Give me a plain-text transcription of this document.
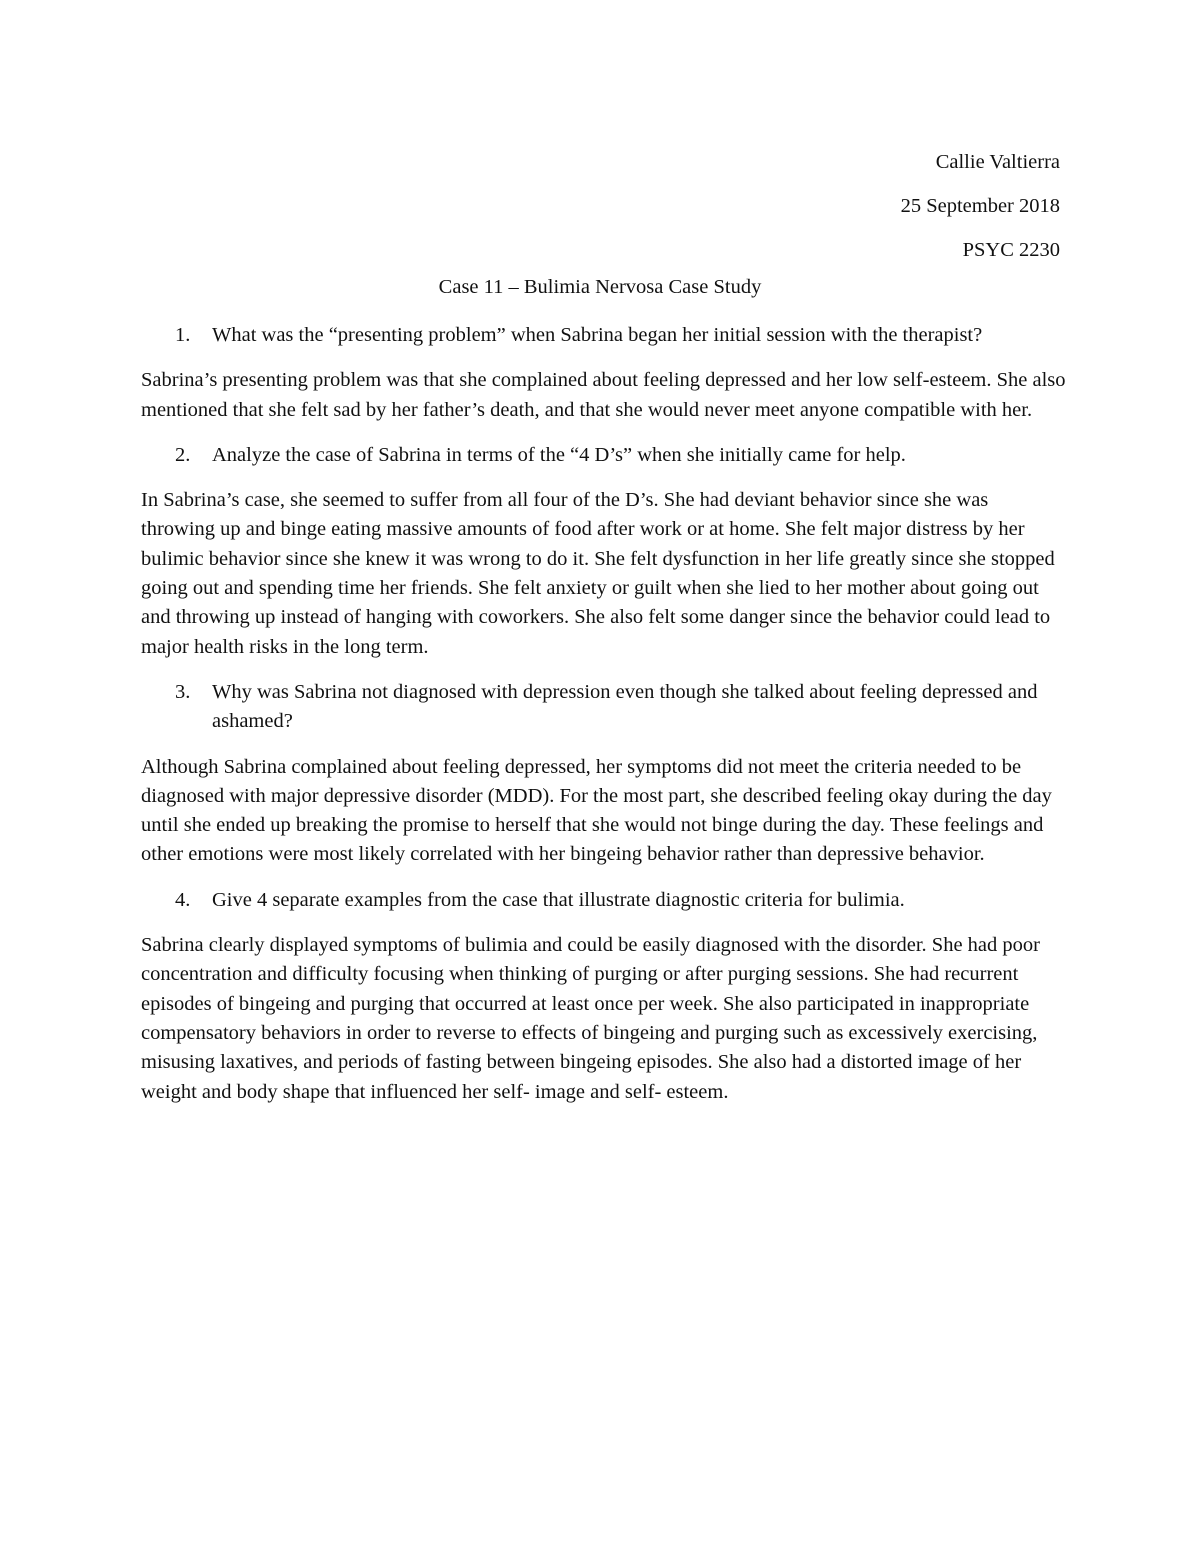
Callie Valtierra
25 September 2018
PSYC 2230
Case 11 – Bulimia Nervosa Case Study
1.	What was the “presenting problem” when Sabrina began her initial session with the therapist?

Sabrina’s presenting problem was that she complained about feeling depressed and her low self-esteem. She also mentioned that she felt sad by her father’s death, and that she would never meet anyone compatible with her.

2.	Analyze the case of Sabrina in terms of the “4 D’s” when she initially came for help.

In Sabrina’s case, she seemed to suffer from all four of the D’s. She had deviant behavior since she was throwing up and binge eating massive amounts of food after work or at home. She felt major distress by her bulimic behavior since she knew it was wrong to do it. She felt dysfunction in her life greatly since she stopped going out and spending time her friends. She felt anxiety or guilt when she lied to her mother about going out and throwing up instead of hanging with coworkers. She also felt some danger since the behavior could lead to major health risks in the long term.

3.	Why was Sabrina not diagnosed with depression even though she talked about feeling depressed and ashamed?

Although Sabrina complained about feeling depressed, her symptoms did not meet the criteria needed to be diagnosed with major depressive disorder (MDD). For the most part, she described feeling okay during the day until she ended up breaking the promise to herself that she would not binge during the day. These feelings and other emotions were most likely correlated with her bingeing behavior rather than depressive behavior.

4.	Give 4 separate examples from the case that illustrate diagnostic criteria for bulimia.

Sabrina clearly displayed symptoms of bulimia and could be easily diagnosed with the disorder. She had poor concentration and difficulty focusing when thinking of purging or after purging sessions. She had recurrent episodes of bingeing and purging that occurred at least once per week. She also participated in inappropriate compensatory behaviors in order to reverse to effects of bingeing and purging such as excessively exercising, misusing laxatives, and periods of fasting between bingeing episodes. She also had a distorted image of her weight and body shape that influenced her self- image and self- esteem.
